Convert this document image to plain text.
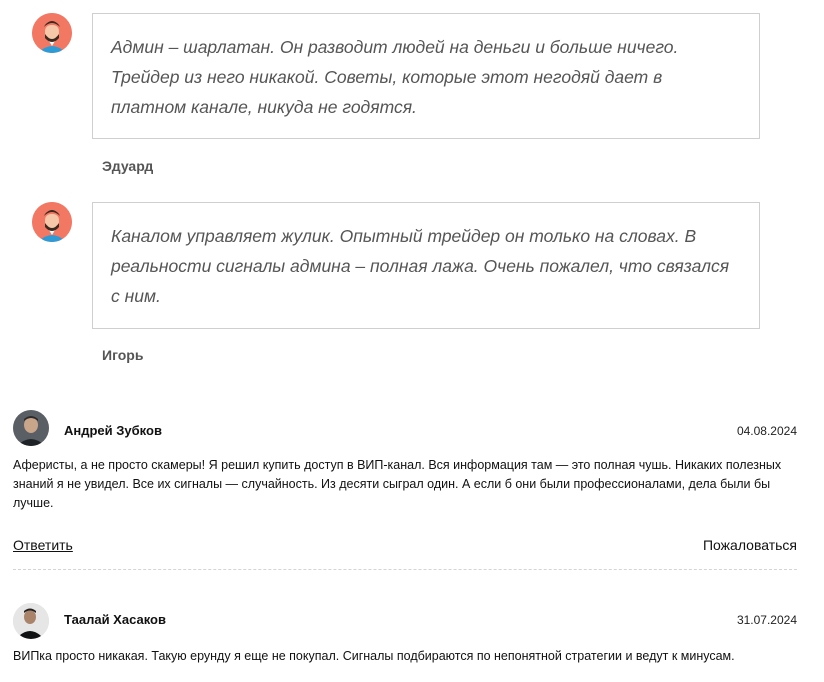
Админ – шарлатан. Он разводит людей на деньги и больше ничего. Трейдер из него никакой. Советы, которые этот негодяй дает в платном канале, никуда не годятся.

Эдуард

Каналом управляет жулик. Опытный трейдер он только на словах. В реальности сигналы админа – полная лажа. Очень пожалел, что связался с ним.

Игорь
Андрей Зубков	04.08.2024

Аферисты, а не просто скамеры! Я решил купить доступ в ВИП-канал. Вся информация там — это полная чушь. Никаких полезных знаний я не увидел. Все их сигналы — случайность. Из десяти сыграл один. А если б они были профессионалами, дела были бы лучше.

Ответить	Пожаловаться
Таалай Хасаков	31.07.2024

ВИПка просто никакая. Такую ерунду я еще не покупал. Сигналы подбираются по непонятной стратегии и ведут к минусам.
